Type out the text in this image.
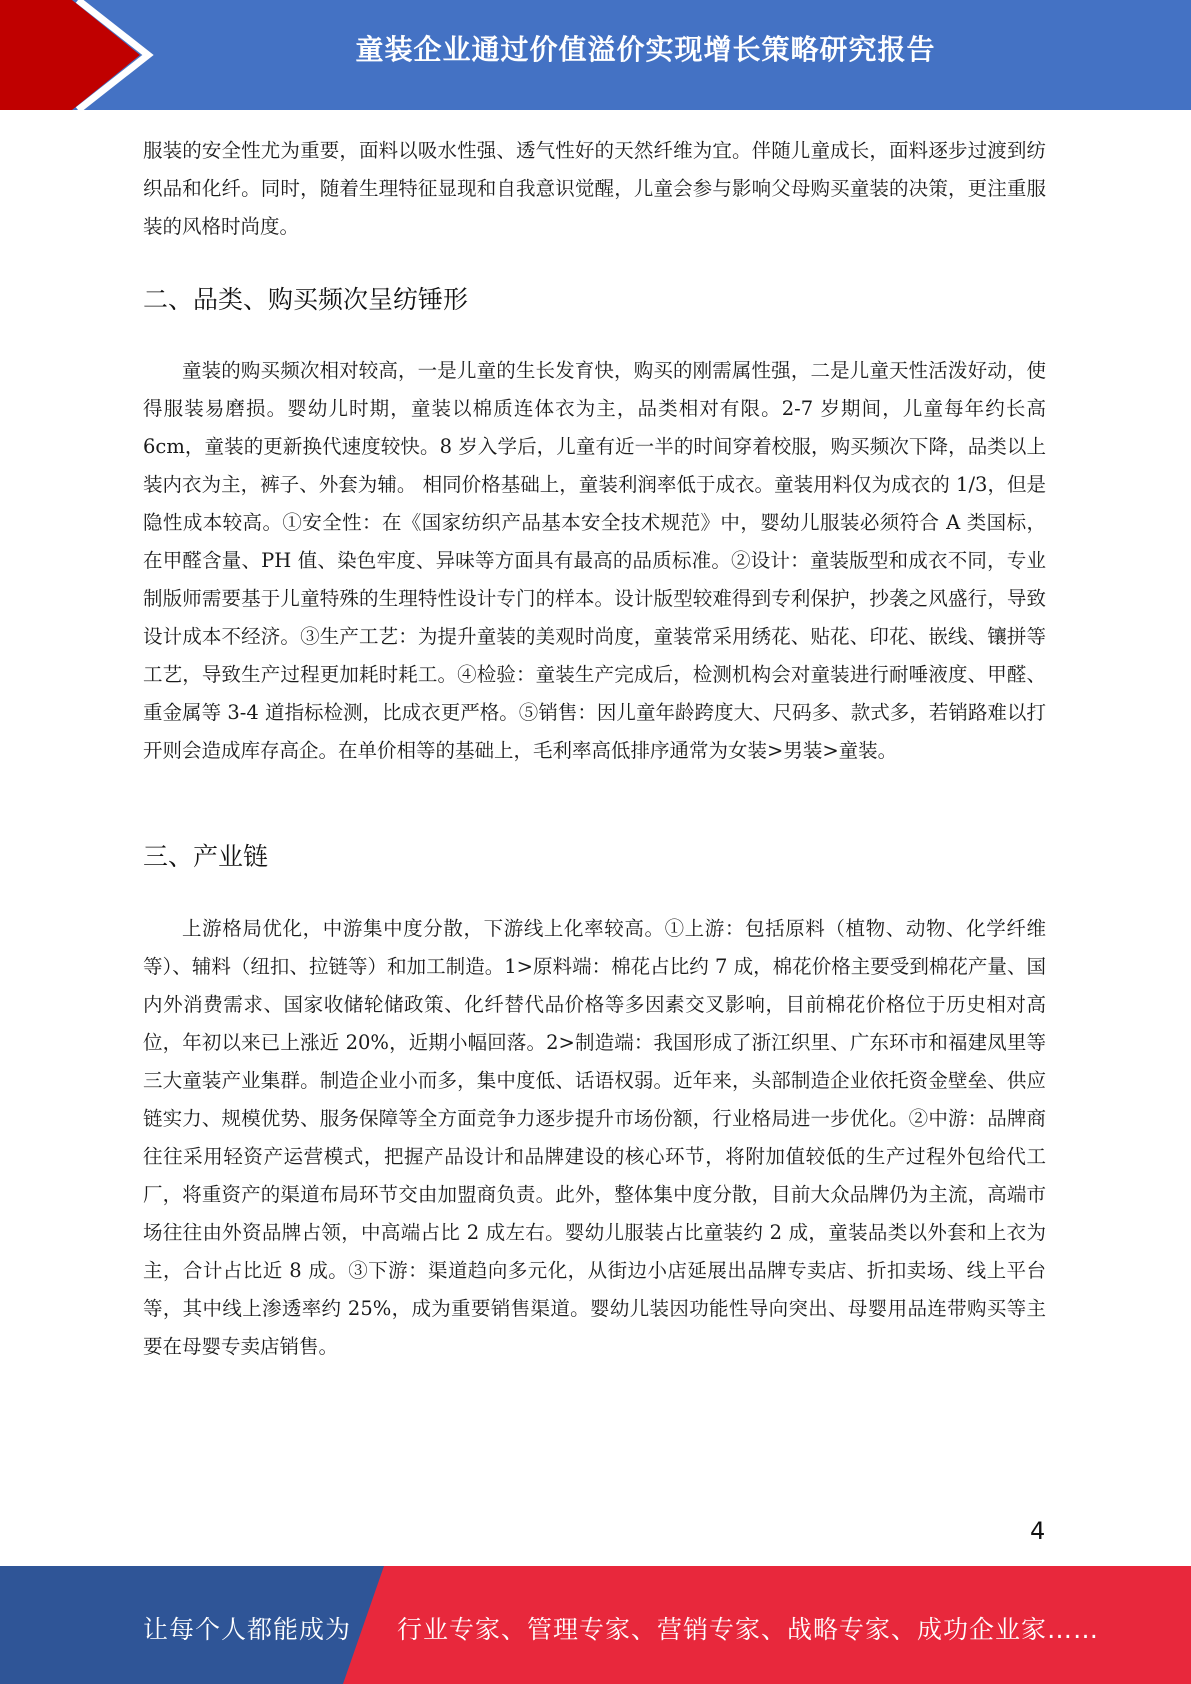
童装企业通过价值溢价实现增长策略研究报告

服装的安全性尤为重要，面料以吸水性强、透气性好的天然纤维为宜。伴随儿童成长，面料逐步过渡到纺织品和化纤。同时，随着生理特征显现和自我意识觉醒，儿童会参与影响父母购买童装的决策，更注重服装的风格时尚度。

二、品类、购买频次呈纺锤形

童装的购买频次相对较高，一是儿童的生长发育快，购买的刚需属性强，二是儿童天性活泼好动，使得服装易磨损。婴幼儿时期，童装以棉质连体衣为主，品类相对有限。2-7 岁期间，儿童每年约长高 6cm，童装的更新换代速度较快。8 岁入学后，儿童有近一半的时间穿着校服，购买频次下降，品类以上装内衣为主，裤子、外套为辅。 相同价格基础上，童装利润率低于成衣。童装用料仅为成衣的 1/3，但是隐性成本较高。①安全性：在《国家纺织产品基本安全技术规范》中，婴幼儿服装必须符合 A 类国标，在甲醛含量、PH 值、染色牢度、异味等方面具有最高的品质标准。②设计：童装版型和成衣不同，专业制版师需要基于儿童特殊的生理特性设计专门的样本。设计版型较难得到专利保护，抄袭之风盛行，导致设计成本不经济。③生产工艺：为提升童装的美观时尚度，童装常采用绣花、贴花、印花、嵌线、镶拼等工艺，导致生产过程更加耗时耗工。④检验：童装生产完成后，检测机构会对童装进行耐唾液度、甲醛、重金属等 3-4 道指标检测，比成衣更严格。⑤销售：因儿童年龄跨度大、尺码多、款式多，若销路难以打开则会造成库存高企。在单价相等的基础上，毛利率高低排序通常为女装>男装>童装。

三、产业链

上游格局优化，中游集中度分散，下游线上化率较高。①上游：包括原料（植物、动物、化学纤维等）、辅料（纽扣、拉链等）和加工制造。1>原料端：棉花占比约 7 成，棉花价格主要受到棉花产量、国内外消费需求、国家收储轮储政策、化纤替代品价格等多因素交叉影响，目前棉花价格位于历史相对高位，年初以来已上涨近 20%，近期小幅回落。2>制造端：我国形成了浙江织里、广东环市和福建凤里等三大童装产业集群。制造企业小而多，集中度低、话语权弱。近年来，头部制造企业依托资金壁垒、供应链实力、规模优势、服务保障等全方面竞争力逐步提升市场份额，行业格局进一步优化。②中游：品牌商往往采用轻资产运营模式，把握产品设计和品牌建设的核心环节，将附加值较低的生产过程外包给代工厂，将重资产的渠道布局环节交由加盟商负责。此外，整体集中度分散，目前大众品牌仍为主流，高端市场往往由外资品牌占领，中高端占比 2 成左右。婴幼儿服装占比童装约 2 成，童装品类以外套和上衣为主，合计占比近 8 成。③下游：渠道趋向多元化，从街边小店延展出品牌专卖店、折扣卖场、线上平台等，其中线上渗透率约 25%，成为重要销售渠道。婴幼儿装因功能性导向突出、母婴用品连带购买等主要在母婴专卖店销售。

4
让每个人都能成为 行业专家、管理专家、营销专家、战略专家、成功企业家……
